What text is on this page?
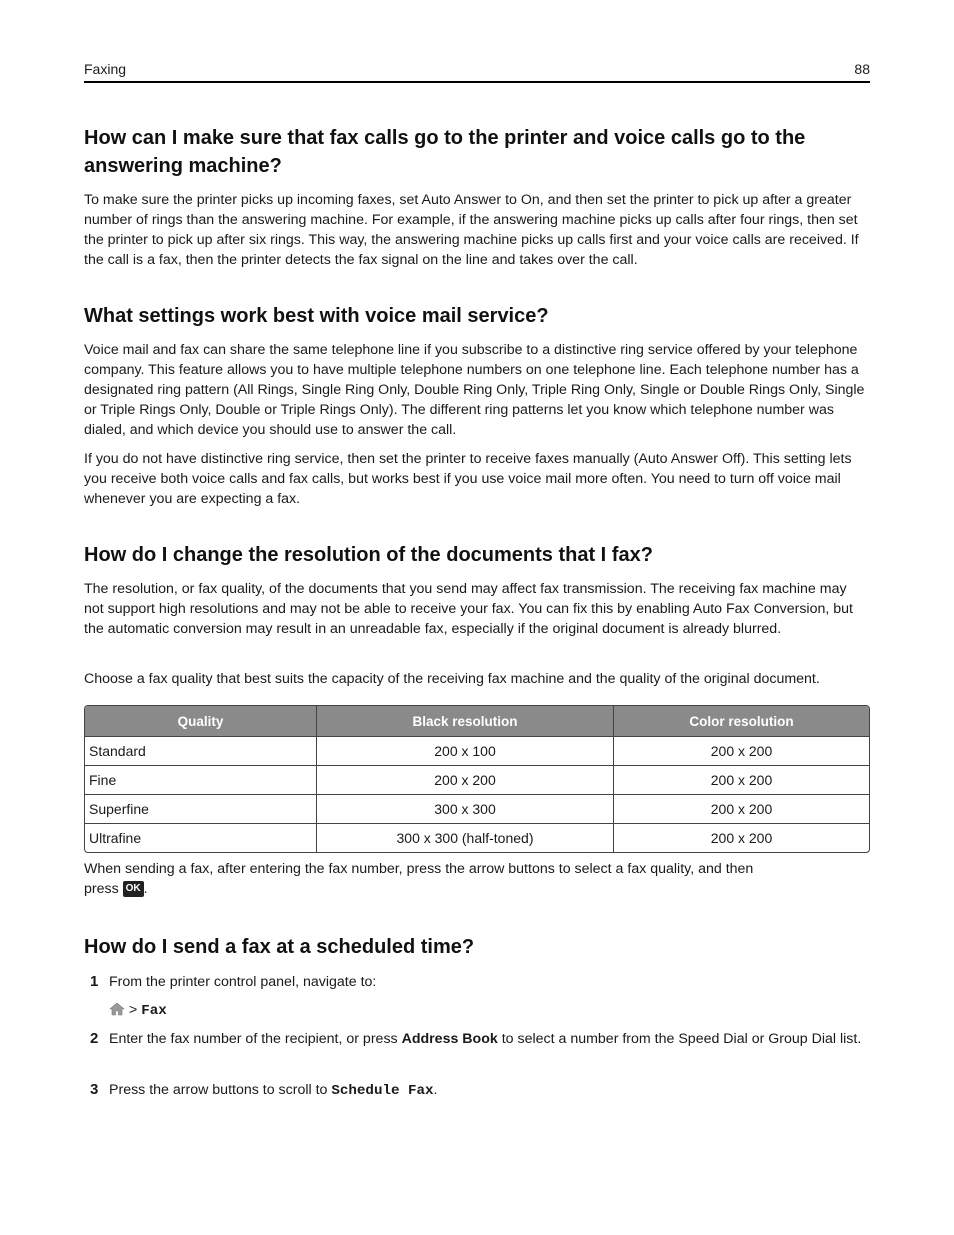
Faxing	88
How can I make sure that fax calls go to the printer and voice calls go to the answering machine?

To make sure the printer picks up incoming faxes, set Auto Answer to On, and then set the printer to pick up after a greater number of rings than the answering machine. For example, if the answering machine picks up calls after four rings, then set the printer to pick up after six rings. This way, the answering machine picks up calls first and your voice calls are received. If the call is a fax, then the printer detects the fax signal on the line and takes over the call.

What settings work best with voice mail service?

Voice mail and fax can share the same telephone line if you subscribe to a distinctive ring service offered by your telephone company. This feature allows you to have multiple telephone numbers on one telephone line. Each telephone number has a designated ring pattern (All Rings, Single Ring Only, Double Ring Only, Triple Ring Only, Single or Double Rings Only, Single or Triple Rings Only, Double or Triple Rings Only). The different ring patterns let you know which telephone number was dialed, and which device you should use to answer the call.

If you do not have distinctive ring service, then set the printer to receive faxes manually (Auto Answer Off). This setting lets you receive both voice calls and fax calls, but works best if you use voice mail more often. You need to turn off voice mail whenever you are expecting a fax.

How do I change the resolution of the documents that I fax?

The resolution, or fax quality, of the documents that you send may affect fax transmission. The receiving fax machine may not support high resolutions and may not be able to receive your fax. You can fix this by enabling Auto Fax Conversion, but the automatic conversion may result in an unreadable fax, especially if the original document is already blurred.

Choose a fax quality that best suits the capacity of the receiving fax machine and the quality of the original document.

Quality	Black resolution	Color resolution
Standard	200 x 100	200 x 200
Fine	200 x 200	200 x 200
Superfine	300 x 300	200 x 200
Ultrafine	300 x 300 (half-toned)	200 x 200

When sending a fax, after entering the fax number, press the arrow buttons to select a fax quality, and then
press OK .

How do I send a fax at a scheduled time?
1 From the printer control panel, navigate to:
> Fax
2 Enter the fax number of the recipient, or press Address Book to select a number from the Speed Dial or Group Dial list.
3 Press the arrow buttons to scroll to Schedule Fax.
